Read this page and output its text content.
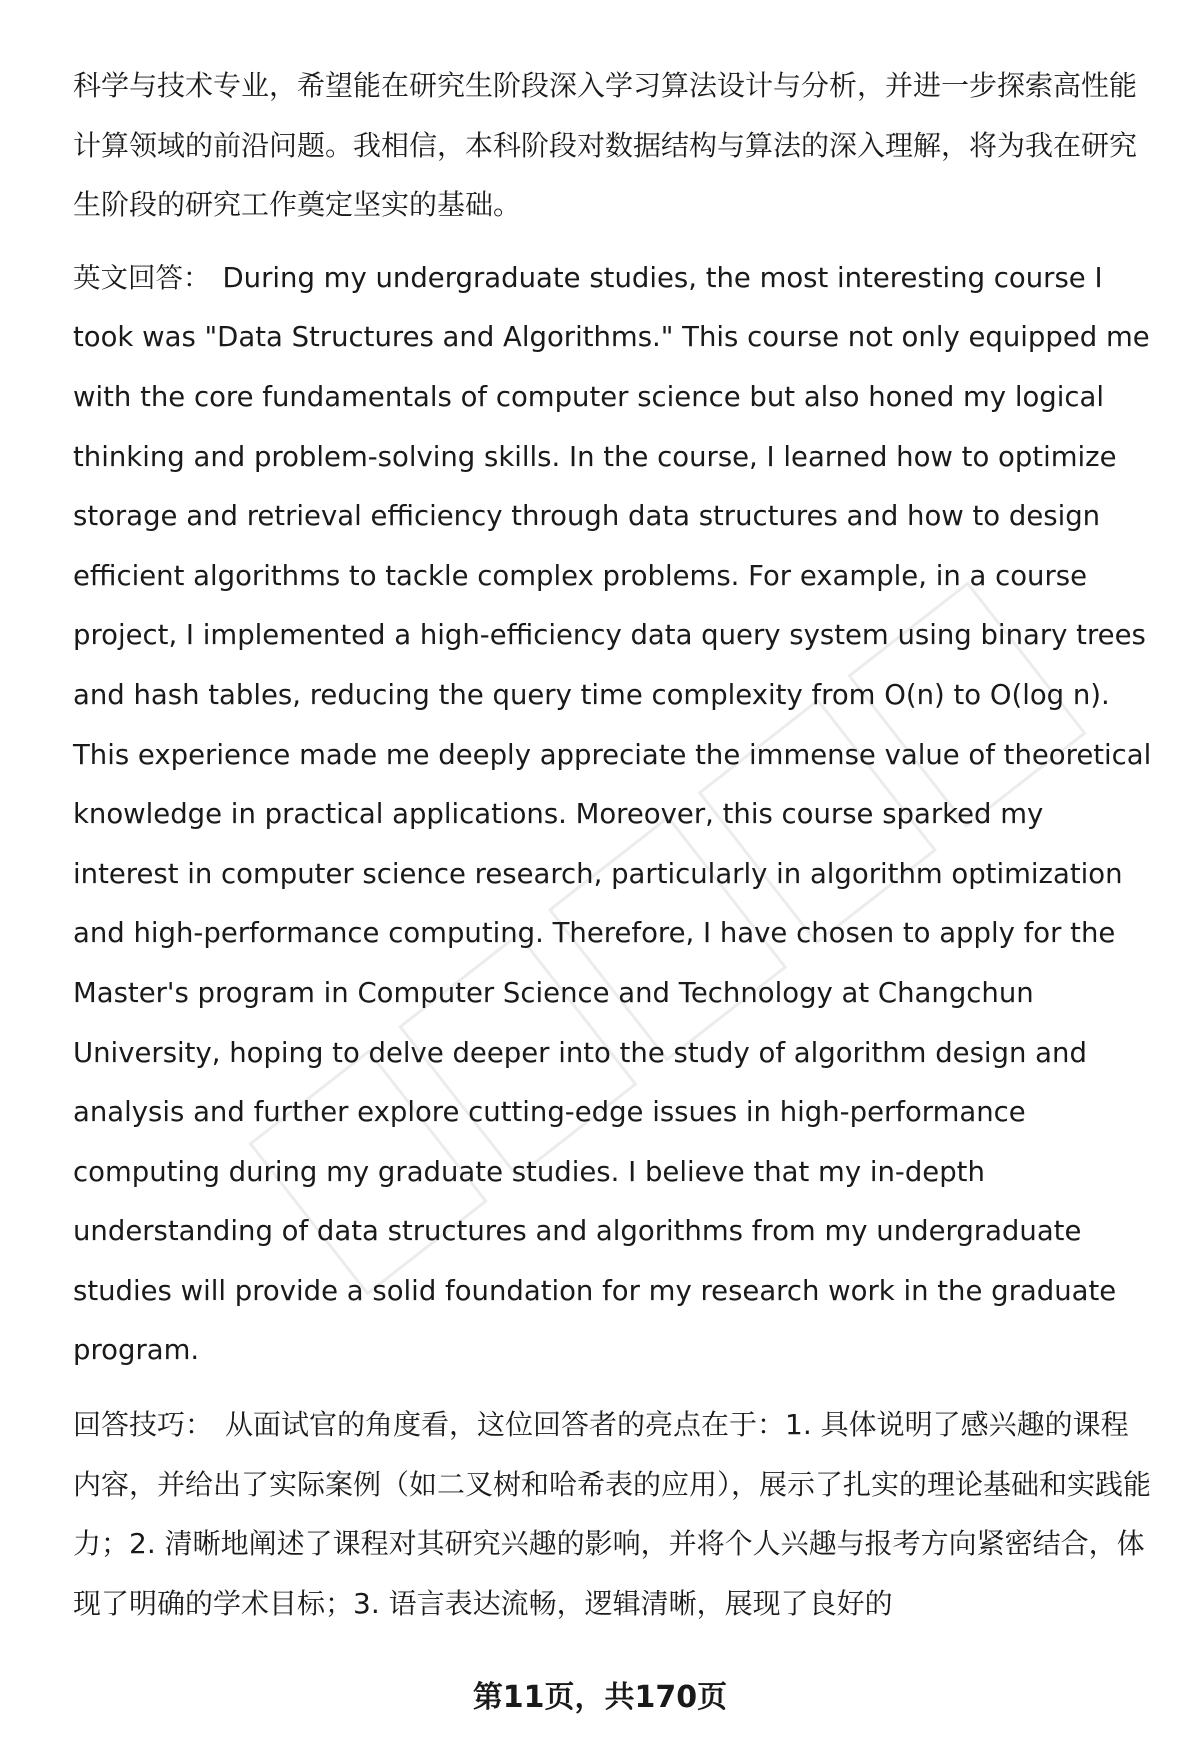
科学与技术专业，希望能在研究生阶段深入学习算法设计与分析，并进一步探索高性能计算领域的前沿问题。我相信，本科阶段对数据结构与算法的深入理解，将为我在研究生阶段的研究工作奠定坚实的基础。

英文回答： During my undergraduate studies, the most interesting course I took was "Data Structures and Algorithms." This course not only equipped me with the core fundamentals of computer science but also honed my logical thinking and problem-solving skills. In the course, I learned how to optimize storage and retrieval efficiency through data structures and how to design efficient algorithms to tackle complex problems. For example, in a course project, I implemented a high-efficiency data query system using binary trees and hash tables, reducing the query time complexity from O(n) to O(log n). This experience made me deeply appreciate the immense value of theoretical knowledge in practical applications. Moreover, this course sparked my interest in computer science research, particularly in algorithm optimization and high-performance computing. Therefore, I have chosen to apply for the Master's program in Computer Science and Technology at Changchun University, hoping to delve deeper into the study of algorithm design and analysis and further explore cutting-edge issues in high-performance computing during my graduate studies. I believe that my in-depth understanding of data structures and algorithms from my undergraduate studies will provide a solid foundation for my research work in the graduate program.

回答技巧： 从面试官的角度看，这位回答者的亮点在于：1. 具体说明了感兴趣的课程内容，并给出了实际案例（如二叉树和哈希表的应用），展示了扎实的理论基础和实践能力；2. 清晰地阐述了课程对其研究兴趣的影响，并将个人兴趣与报考方向紧密结合，体现了明确的学术目标；3. 语言表达流畅，逻辑清晰，展现了良好的

第11页，共170页
